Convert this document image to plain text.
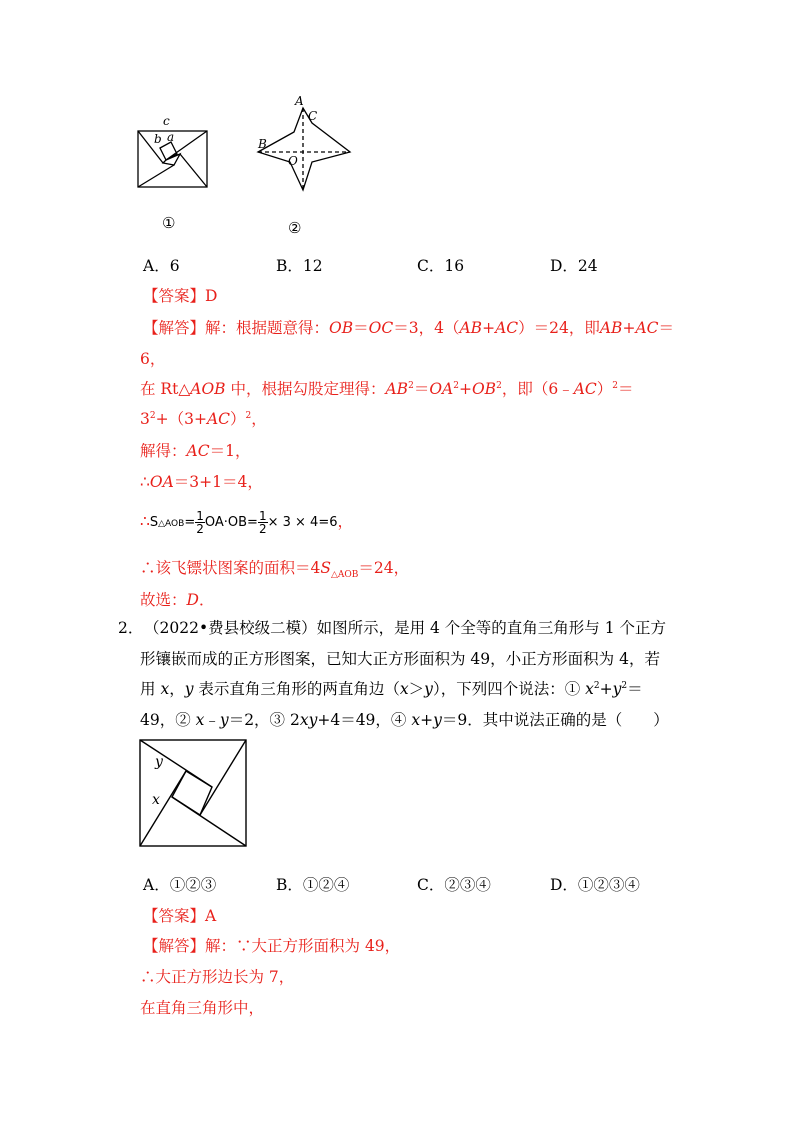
c
b a
①
A
C
B
O
②
A．6	B．12	C．16	D．24
【答案】D
【解答】解：根据题意得：OB＝OC＝3，4（AB+AC）＝24，即AB+AC＝
6，
在 Rt△AOB 中，根据勾股定理得：$AB^2=OA^2+OB^2$，即（6﹣AC）$^2$＝
$3^2+(3+AC)^2$，
解得：AC＝1，
∴OA＝3+1＝4，
∴S△AOB= $\frac{1}{2} OA\cdot OB= \frac{1}{2} \times 3 \times 4=6$，
∴该飞镖状图案的面积$=4S_{\triangle AOB}=24$，
故选：D．
2． （2022•费县校级二模）如图所示，是用 4 个全等的直角三角形与 1 个正方
形镶嵌而成的正方形图案，已知大正方形面积为 49，小正方形面积为 4，若
用 x，y 表示直角三角形的两直角边（x＞y），下列四个说法：① $x^2+y^2=$
49，② x﹣y＝2，③ 2xy+4＝49，④ x+y＝9．其中说法正确的是（　　）
y
x
A．①②③	B．①②④	C．②③④	D．①②③④
【答案】A
【解答】解：∵大正方形面积为 49，
∴大正方形边长为 7，
在直角三角形中，
